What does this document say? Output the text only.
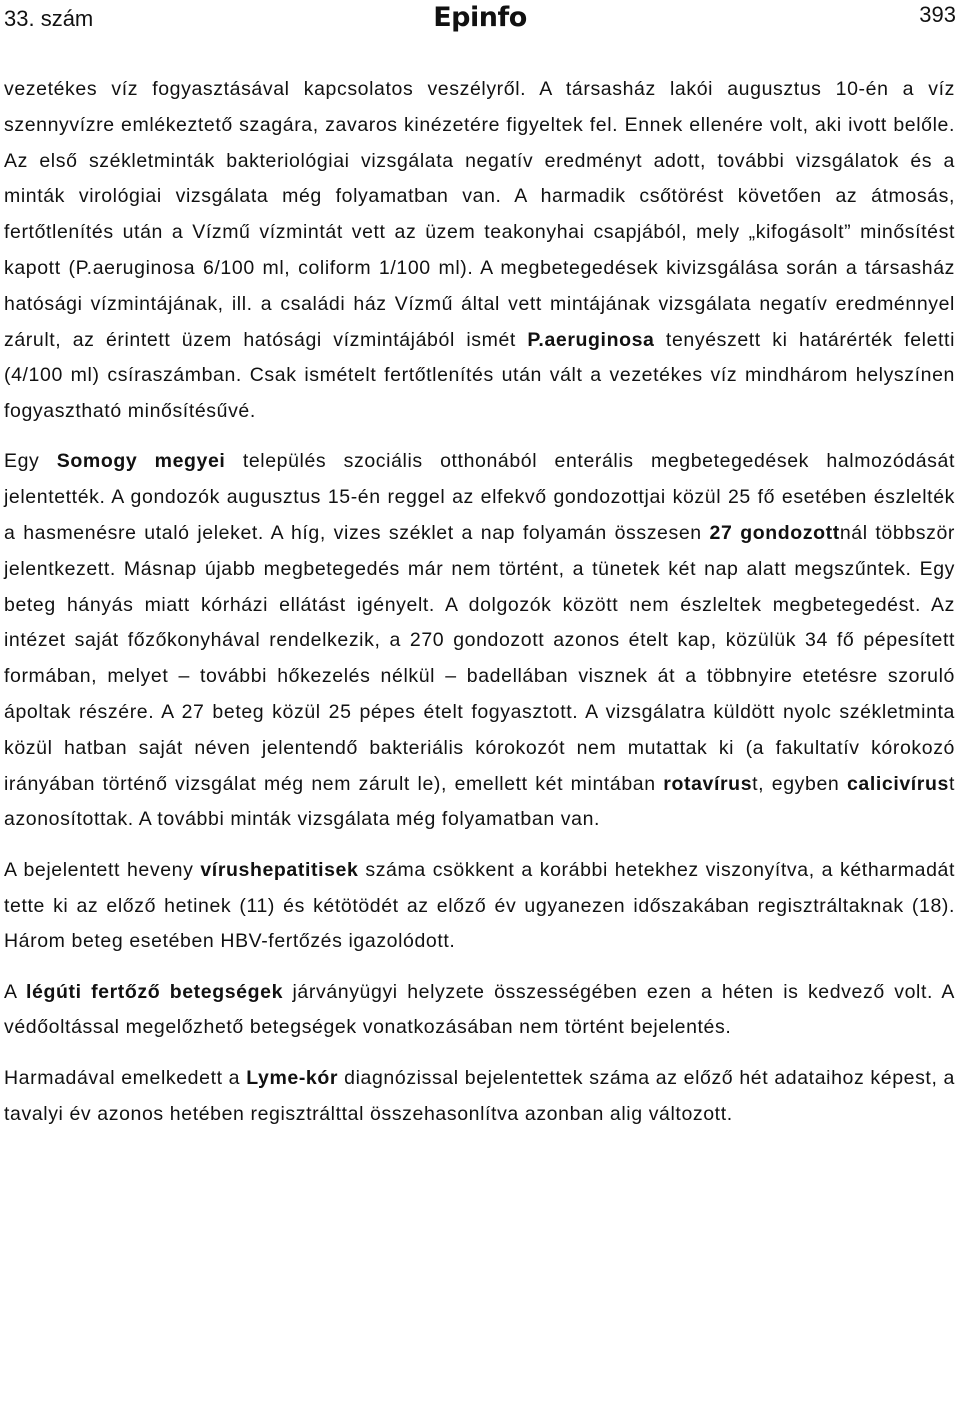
33. szám	Epinfo	393

vezetékes víz fogyasztásával kapcsolatos veszélyről. A társasház lakói augusztus 10-én a víz szennyvízre emlékeztető szagára, zavaros kinézetére figyeltek fel. Ennek ellenére volt, aki ivott belőle. Az első székletminták bakteriológiai vizsgálata negatív eredményt adott, további vizsgálatok és a minták virológiai vizsgálata még folyamatban van. A harmadik csőtörést követően az átmosás, fertőtlenítés után a Vízmű vízmintát vett az üzem teakonyhai csapjából, mely „kifogásolt” minősítést kapott (P.aeruginosa 6/100 ml, coliform 1/100 ml). A megbetegedések kivizsgálása során a társasház hatósági vízmintájának, ill. a családi ház Vízmű által vett mintájának vizsgálata negatív eredménnyel zárult, az érintett üzem hatósági vízmintájából ismét P.aeruginosa tenyészett ki határérték feletti (4/100 ml) csíraszámban. Csak ismételt fertőtlenítés után vált a vezetékes víz mindhárom helyszínen fogyasztható minősítésűvé.

Egy Somogy megyei település szociális otthonából enterális megbetegedések halmozódását jelentették. A gondozók augusztus 15-én reggel az elfekvő gondozottjai közül 25 fő esetében észlelték a hasmenésre utaló jeleket. A híg, vizes széklet a nap folyamán összesen 27 gondozottnál többször jelentkezett. Másnap újabb megbetegedés már nem történt, a tünetek két nap alatt megszűntek. Egy beteg hányás miatt kórházi ellátást igényelt. A dolgozók között nem észleltek megbetegedést. Az intézet saját főzőkonyhával rendelkezik, a 270 gondozott azonos ételt kap, közülük 34 fő pépesített formában, melyet – további hőkezelés nélkül – badellában visznek át a többnyire etetésre szoruló ápoltak részére. A 27 beteg közül 25 pépes ételt fogyasztott. A vizsgálatra küldött nyolc székletminta közül hatban saját néven jelentendő bakteriális kórokozót nem mutattak ki (a fakultatív kórokozó irányában történő vizsgálat még nem zárult le), emellett két mintában rotavírust, egyben calicivírust azonosítottak. A további minták vizsgálata még folyamatban van.

A bejelentett heveny vírushepatitisek száma csökkent a korábbi hetekhez viszonyítva, a kétharmadát tette ki az előző hetinek (11) és kétötödét az előző év ugyanezen időszakában regisztráltaknak (18). Három beteg esetében HBV-fertőzés igazolódott.

A légúti fertőző betegségek járványügyi helyzete összességében ezen a héten is kedvező volt. A védőoltással megelőzhető betegségek vonatkozásában nem történt bejelentés.

Harmadával emelkedett a Lyme-kór diagnózissal bejelentettek száma az előző hét adataihoz képest, a tavalyi év azonos hetében regisztrálttal összehasonlítva azonban alig változott.
